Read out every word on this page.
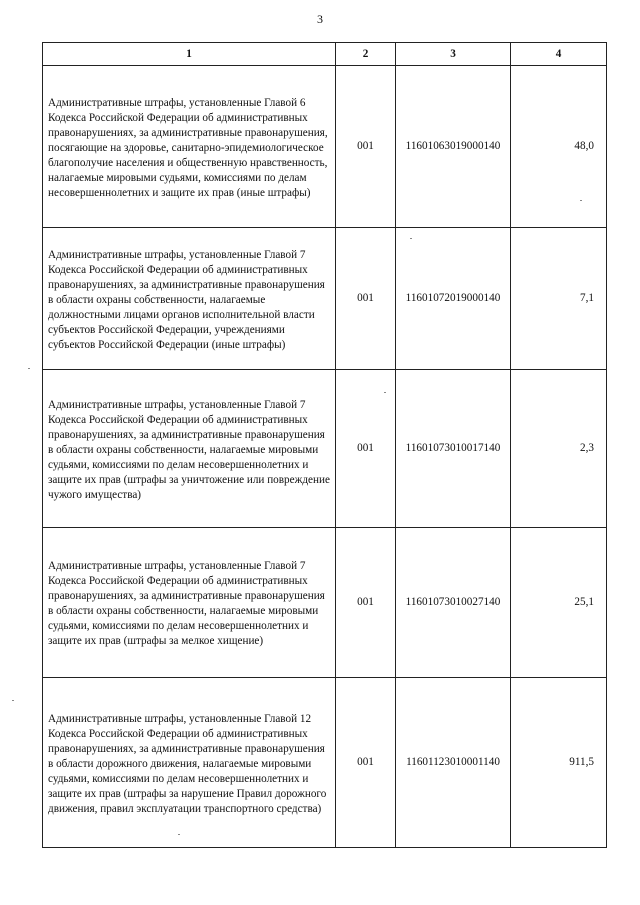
3
1	2	3	4
Административные штрафы, установленные Главой 6 Кодекса Российской Федерации об административных правонарушениях, за административные правонарушения, посягающие на здоровье, санитарно-эпидемиологическое благополучие населения и общественную нравственность, налагаемые мировыми судьями, комиссиями по делам несовершеннолетних и защите их прав (иные штрафы)	001	11601063019000140	48,0
Административные штрафы, установленные Главой 7 Кодекса Российской Федерации об административных правонарушениях, за административные правонарушения в области охраны собственности, налагаемые должностными лицами органов исполнительной власти субъектов Российской Федерации, учреждениями субъектов Российской Федерации (иные штрафы)	001	11601072019000140	7,1
Административные штрафы, установленные Главой 7 Кодекса Российской Федерации об административных правонарушениях, за административные правонарушения в области охраны собственности, налагаемые мировыми судьями, комиссиями по делам несовершеннолетних и защите их прав (штрафы за уничтожение или повреждение чужого имущества)	001	11601073010017140	2,3
Административные штрафы, установленные Главой 7 Кодекса Российской Федерации об административных правонарушениях, за административные правонарушения в области охраны собственности, налагаемые мировыми судьями, комиссиями по делам несовершеннолетних и защите их прав (штрафы за мелкое хищение)	001	11601073010027140	25,1
Административные штрафы, установленные Главой 12 Кодекса Российской Федерации об административных правонарушениях, за административные правонарушения в области дорожного движения, налагаемые мировыми судьями, комиссиями по делам несовершеннолетних и защите их прав (штрафы за нарушение Правил дорожного движения, правил эксплуатации транспортного средства)	001	11601123010001140	911,5
